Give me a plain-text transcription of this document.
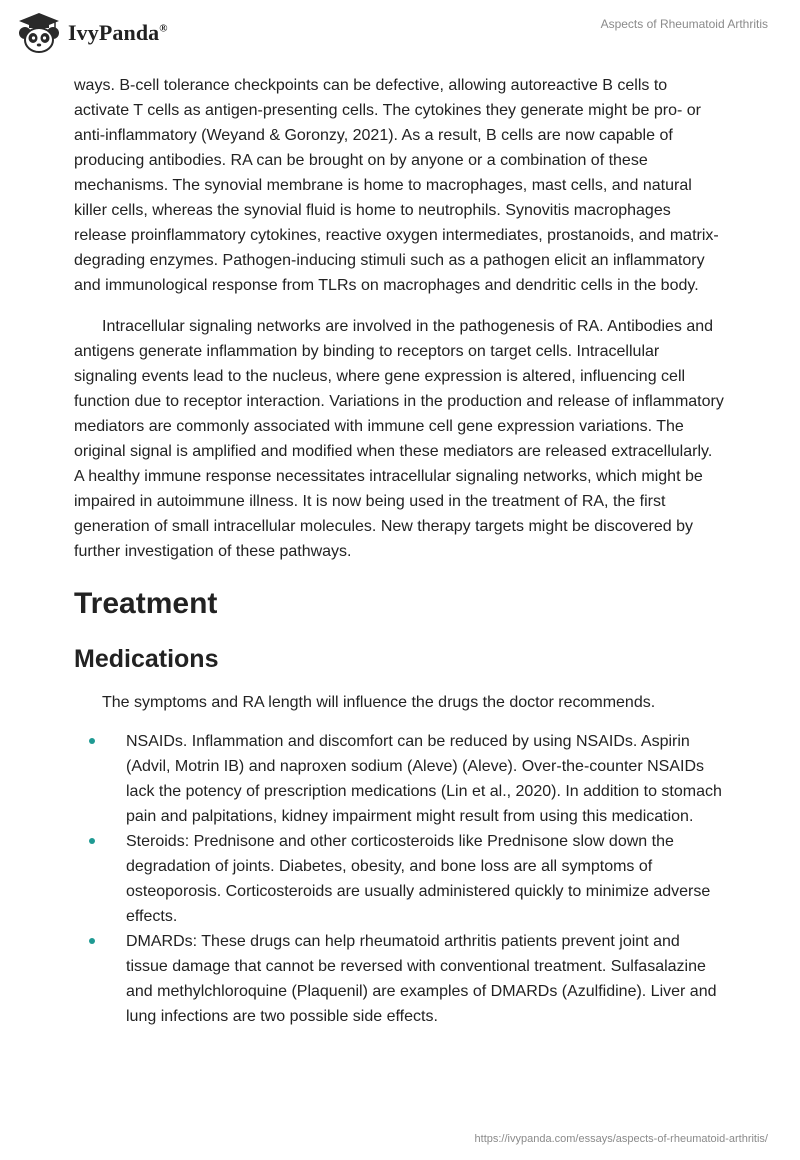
IvyPanda®	Aspects of Rheumatoid Arthritis

ways. B-cell tolerance checkpoints can be defective, allowing autoreactive B cells to activate T cells as antigen-presenting cells. The cytokines they generate might be pro- or anti-inflammatory (Weyand & Goronzy, 2021). As a result, B cells are now capable of producing antibodies. RA can be brought on by anyone or a combination of these mechanisms. The synovial membrane is home to macrophages, mast cells, and natural killer cells, whereas the synovial fluid is home to neutrophils. Synovitis macrophages release proinflammatory cytokines, reactive oxygen intermediates, prostanoids, and matrix-degrading enzymes. Pathogen-inducing stimuli such as a pathogen elicit an inflammatory and immunological response from TLRs on macrophages and dendritic cells in the body.

Intracellular signaling networks are involved in the pathogenesis of RA. Antibodies and antigens generate inflammation by binding to receptors on target cells. Intracellular signaling events lead to the nucleus, where gene expression is altered, influencing cell function due to receptor interaction. Variations in the production and release of inflammatory mediators are commonly associated with immune cell gene expression variations. The original signal is amplified and modified when these mediators are released extracellularly. A healthy immune response necessitates intracellular signaling networks, which might be impaired in autoimmune illness. It is now being used in the treatment of RA, the first generation of small intracellular molecules. New therapy targets might be discovered by further investigation of these pathways.

Treatment
Medications

The symptoms and RA length will influence the drugs the doctor recommends.

NSAIDs. Inflammation and discomfort can be reduced by using NSAIDs. Aspirin (Advil, Motrin IB) and naproxen sodium (Aleve) (Aleve). Over-the-counter NSAIDs lack the potency of prescription medications (Lin et al., 2020). In addition to stomach pain and palpitations, kidney impairment might result from using this medication.
Steroids: Prednisone and other corticosteroids like Prednisone slow down the degradation of joints. Diabetes, obesity, and bone loss are all symptoms of osteoporosis. Corticosteroids are usually administered quickly to minimize adverse effects.
DMARDs: These drugs can help rheumatoid arthritis patients prevent joint and tissue damage that cannot be reversed with conventional treatment. Sulfasalazine and methylchloroquine (Plaquenil) are examples of DMARDs (Azulfidine). Liver and lung infections are two possible side effects.
https://ivypanda.com/essays/aspects-of-rheumatoid-arthritis/
